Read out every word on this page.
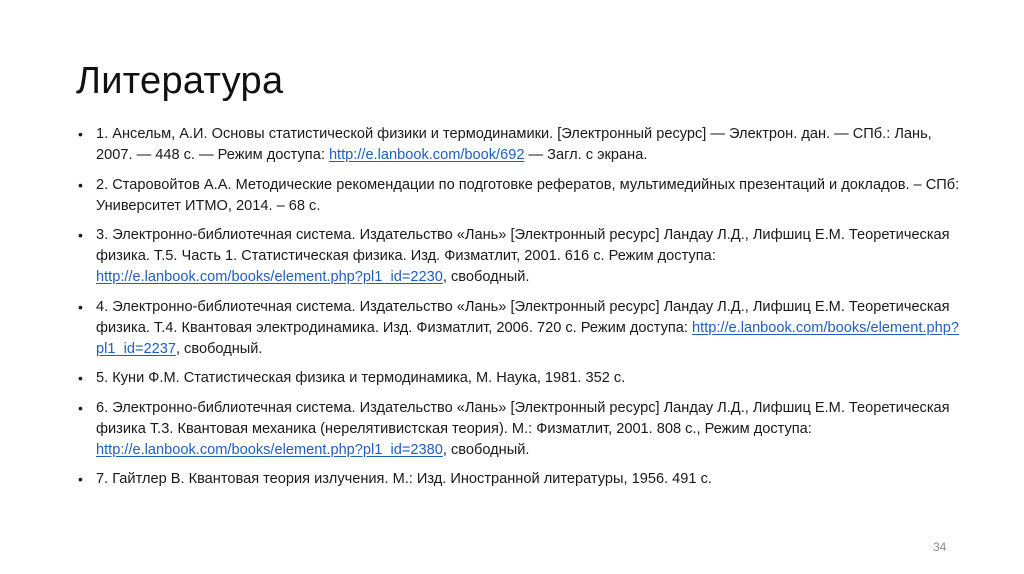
Литература
• 1. Ансельм, А.И. Основы статистической физики и термодинамики. [Электронный ресурс] — Электрон. дан. — СПб.: Лань, 2007. — 448 с. — Режим доступа: http://e.lanbook.com/book/692 — Загл. с экрана.
• 2. Старовойтов А.А. Методические рекомендации по подготовке рефератов, мультимедийных презентаций и докладов. – СПб: Университет ИТМО, 2014. – 68 с.
• 3. Электронно-библиотечная система. Издательство «Лань» [Электронный ресурс] Ландау Л.Д., Лифшиц Е.М. Теоретическая физика. Т.5. Часть 1. Статистическая физика. Изд. Физматлит, 2001. 616 с. Режим доступа: http://e.lanbook.com/books/element.php?pl1_id=2230, свободный.
• 4. Электронно-библиотечная система. Издательство «Лань» [Электронный ресурс] Ландау Л.Д., Лифшиц Е.М. Теоретическая физика. Т.4. Квантовая электродинамика. Изд. Физматлит, 2006. 720 с. Режим доступа: http://e.lanbook.com/books/element.php?pl1_id=2237, свободный.
• 5. Куни Ф.М. Статистическая физика и термодинамика, М. Наука, 1981. 352 с.
• 6. Электронно-библиотечная система. Издательство «Лань» [Электронный ресурс] Ландау Л.Д., Лифшиц Е.М. Теоретическая физика Т.3. Квантовая механика (нерелятивистская теория). М.: Физматлит, 2001. 808 с., Режим доступа: http://e.lanbook.com/books/element.php?pl1_id=2380, свободный.
• 7. Гайтлер В. Квантовая теория излучения. М.: Изд. Иностранной литературы, 1956. 491 с.
34
